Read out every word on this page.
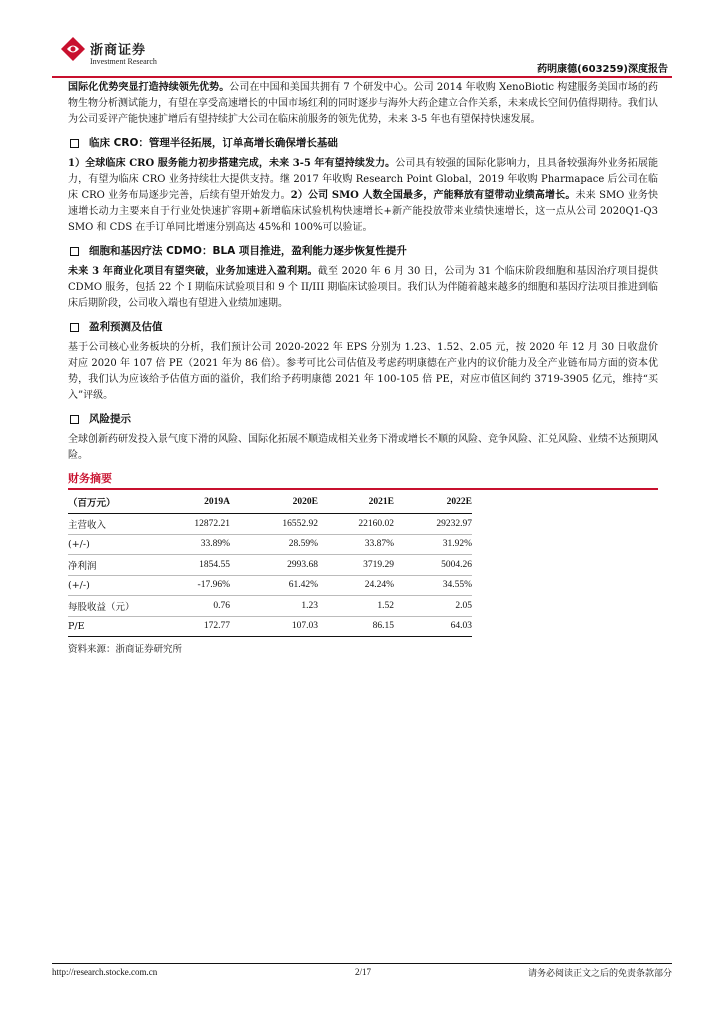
浙商证券
Investment Research
药明康德(603259)深度报告

国际化优势突显打造持续领先优势。公司在中国和美国共拥有 7 个研发中心。公司 2014 年收购 XenoBiotic 构建服务美国市场的药物生物分析测试能力，有望在享受高速增长的中国市场红利的同时逐步与海外大药企建立合作关系，未来成长空间仍值得期待。我们认为公司妥评产能快速扩增后有望持续扩大公司在临床前服务的领先优势，未来 3-5 年也有望保持快速发展。

临床 CRO：管理半径拓展，订单高增长确保增长基础

1）全球临床 CRO 服务能力初步搭建完成，未来 3-5 年有望持续发力。公司具有较强的国际化影响力，且具备较强海外业务拓展能力，有望为临床 CRO 业务持续壮大提供支持。继 2017 年收购 Research Point Global，2019 年收购 Pharmapace 后公司在临床 CRO 业务布局逐步完善，后续有望开始发力。2）公司 SMO 人数全国最多，产能释放有望带动业绩高增长。未来 SMO 业务快速增长动力主要来自于行业处快速扩容期+新增临床试验机构快速增长+新产能投放带来业绩快速增长，这一点从公司 2020Q1-Q3 SMO 和 CDS 在手订单同比增速分别高达 45%和 100%可以验证。

细胞和基因疗法 CDMO：BLA 项目推进，盈利能力逐步恢复性提升

未来 3 年商业化项目有望突破，业务加速进入盈利期。截至 2020 年 6 月 30 日，公司为 31 个临床阶段细胞和基因治疗项目提供 CDMO 服务，包括 22 个 I 期临床试验项目和 9 个 II/III 期临床试验项目。我们认为伴随着越来越多的细胞和基因疗法项目推进到临床后期阶段，公司收入端也有望进入业绩加速期。

盈利预测及估值

基于公司核心业务板块的分析，我们预计公司 2020-2022 年 EPS 分别为 1.23、1.52、2.05 元，按 2020 年 12 月 30 日收盘价对应 2020 年 107 倍 PE（2021 年为 86 倍）。参考可比公司估值及考虑药明康德在产业内的议价能力及全产业链布局方面的资本优势，我们认为应该给予估值方面的溢价，我们给予药明康德 2021 年 100-105 倍 PE，对应市值区间约 3719-3905 亿元，维持“买入”评级。

风险提示

全球创新药研发投入景气度下滑的风险、国际化拓展不顺造成相关业务下滑或增长不顺的风险、竞争风险、汇兑风险、业绩不达预期风险。

财务摘要
（百万元）	2019A	2020E	2021E	2022E
主营收入	12872.21	16552.92	22160.02	29232.97
(+/-)	33.89%	28.59%	33.87%	31.92%
净利润	1854.55	2993.68	3719.29	5004.26
(+/-)	-17.96%	61.42%	24.24%	34.55%
每股收益（元）	0.76	1.23	1.52	2.05
P/E	172.77	107.03	86.15	64.03
资料来源：浙商证券研究所
http://research.stocke.com.cn	2/17	请务必阅读正文之后的免责条款部分
